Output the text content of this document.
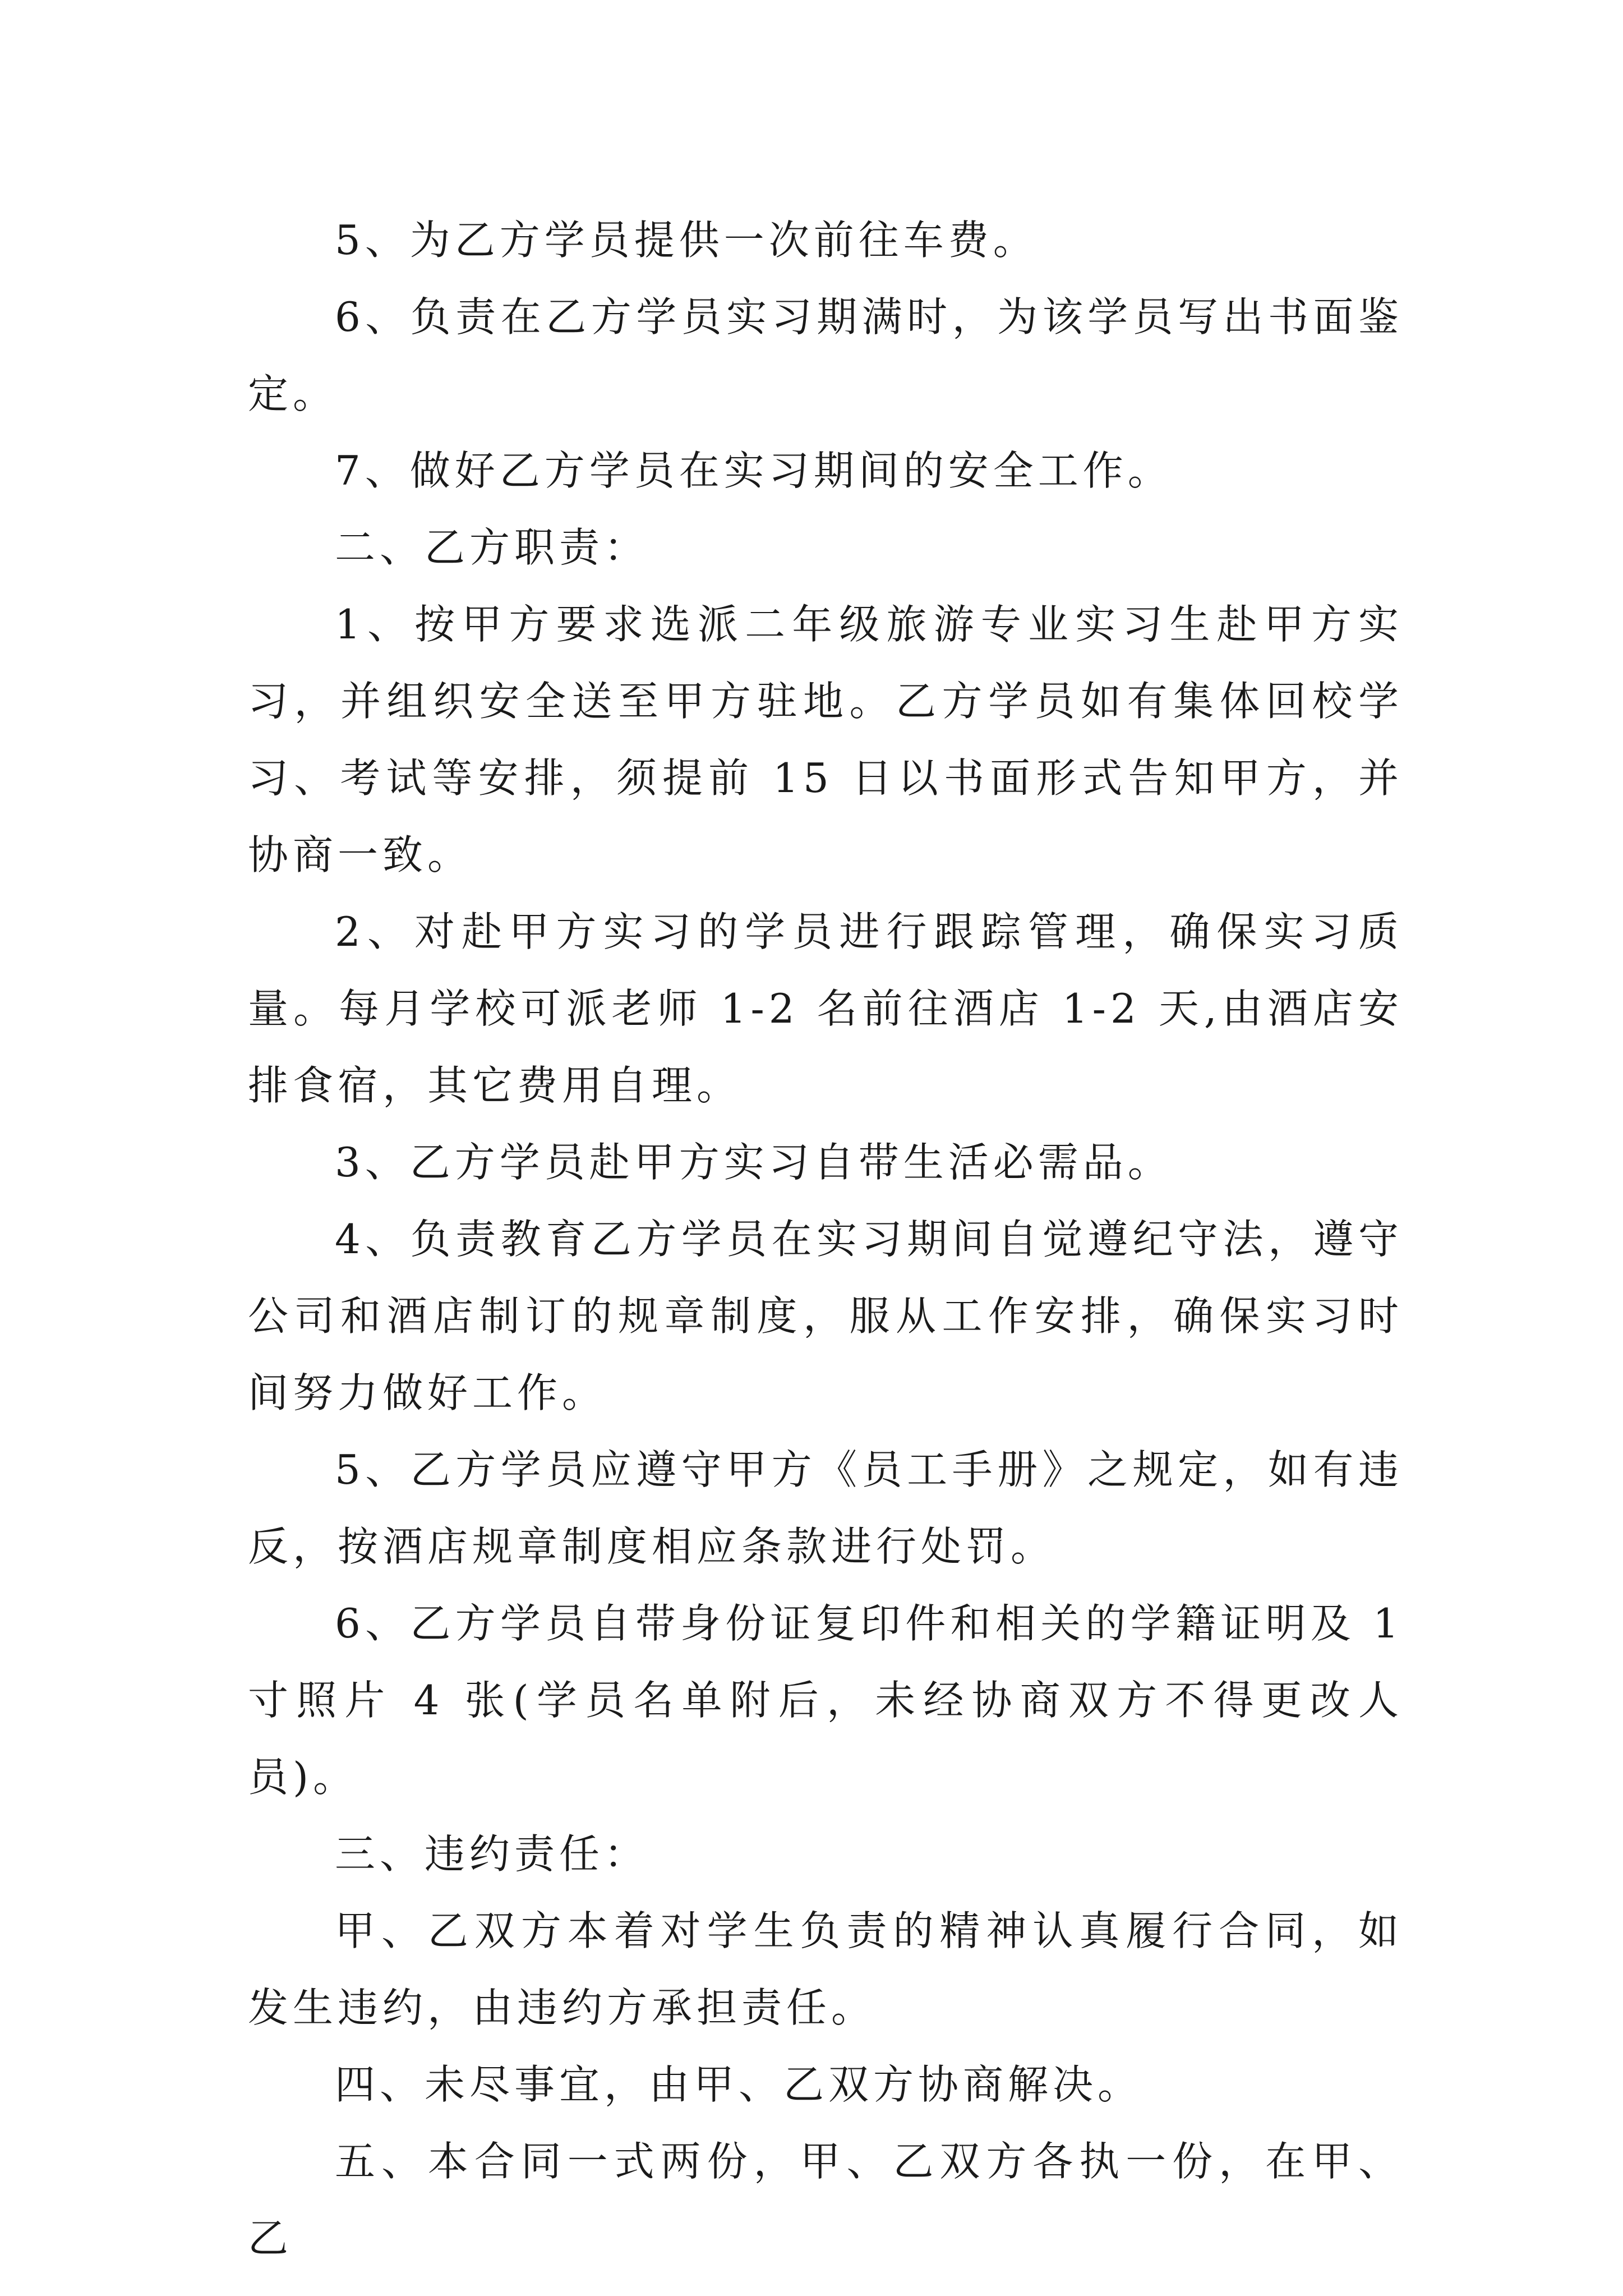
5、为乙方学员提供一次前往车费。

6、负责在乙方学员实习期满时，为该学员写出书面鉴定。

7、做好乙方学员在实习期间的安全工作。

二、乙方职责：

1、按甲方要求选派二年级旅游专业实习生赴甲方实习，并组织安全送至甲方驻地。乙方学员如有集体回校学习、考试等安排，须提前 15 日以书面形式告知甲方，并协商一致。

2、对赴甲方实习的学员进行跟踪管理，确保实习质量。每月学校可派老师 1-2 名前往酒店 1-2 天,由酒店安排食宿，其它费用自理。

3、乙方学员赴甲方实习自带生活必需品。

4、负责教育乙方学员在实习期间自觉遵纪守法，遵守公司和酒店制订的规章制度，服从工作安排，确保实习时间努力做好工作。

5、乙方学员应遵守甲方《员工手册》之规定，如有违反，按酒店规章制度相应条款进行处罚。

6、乙方学员自带身份证复印件和相关的学籍证明及 1 寸照片 4 张(学员名单附后，未经协商双方不得更改人员)。

三、违约责任：

甲、乙双方本着对学生负责的精神认真履行合同，如发生违约，由违约方承担责任。

四、未尽事宜，由甲、乙双方协商解决。

五、本合同一式两份，甲、乙双方各执一份，在甲、乙
